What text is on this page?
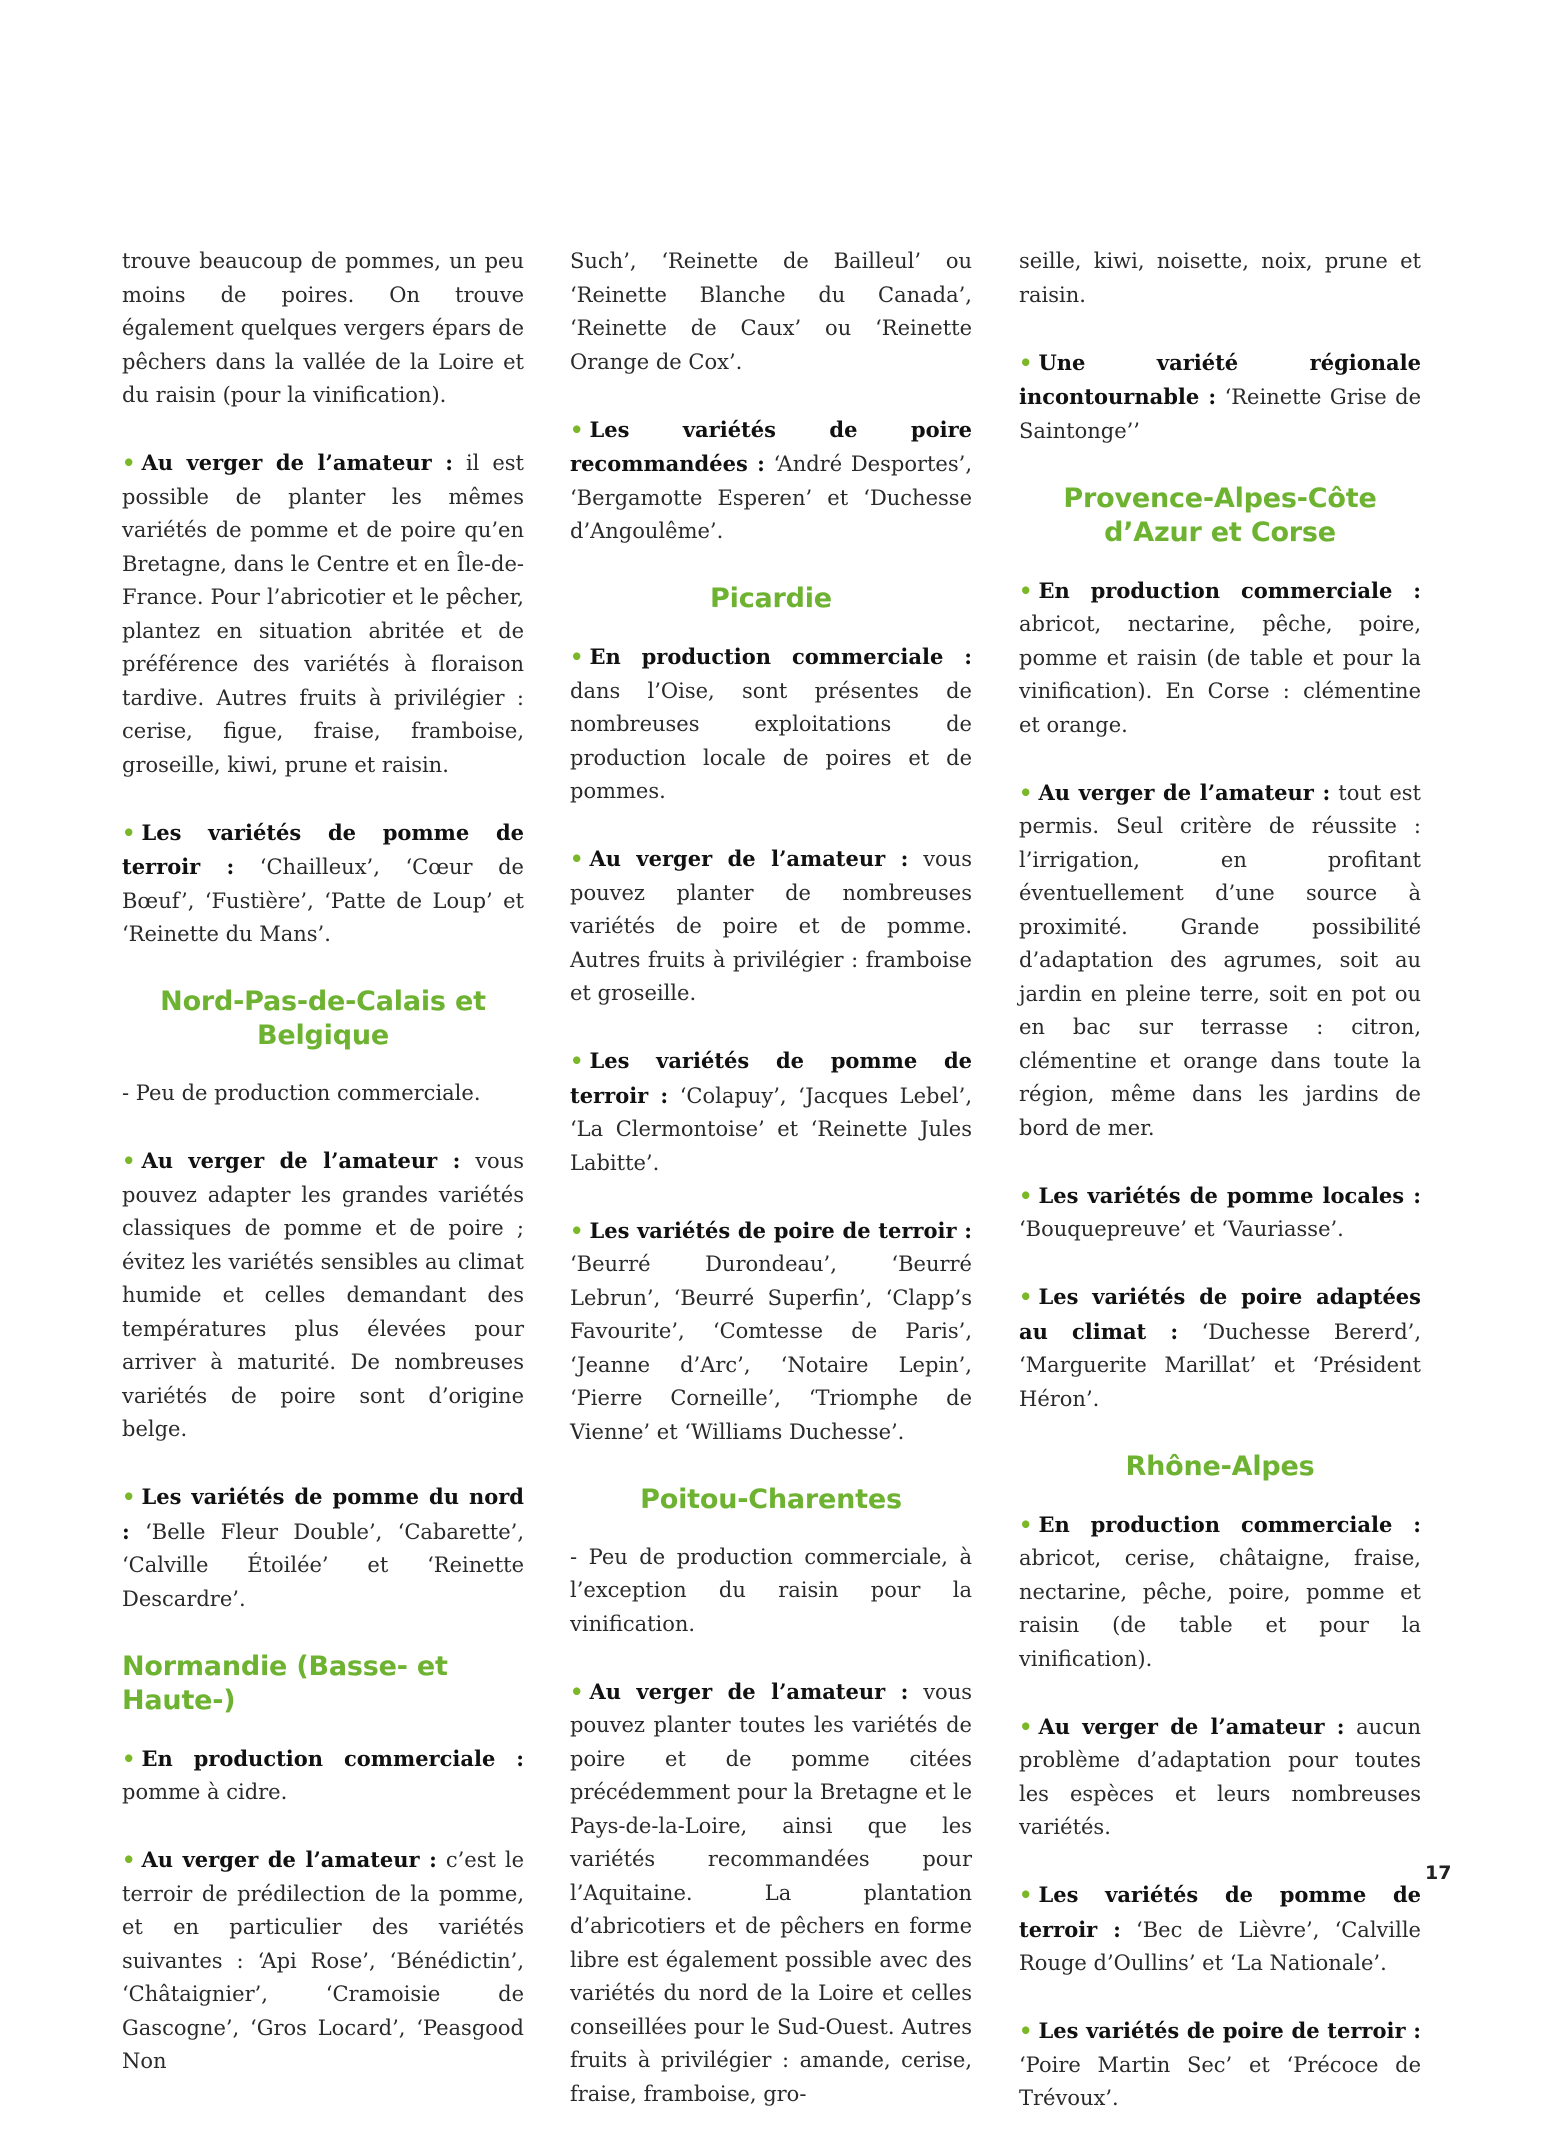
trouve beaucoup de pommes, un peu moins de poires. On trouve également quelques vergers épars de pêchers dans la vallée de la Loire et du raisin (pour la vinification).

• Au verger de l’amateur : il est possible de planter les mêmes variétés de pomme et de poire qu’en Bretagne, dans le Centre et en Île-de-France. Pour l’abricotier et le pêcher, plantez en situation abritée et de préférence des variétés à floraison tardive. Autres fruits à privilégier : cerise, figue, fraise, framboise, groseille, kiwi, prune et raisin.

• Les variétés de pomme de terroir : ‘Chailleux’, ‘Cœur de Bœuf’, ‘Fustière’, ‘Patte de Loup’ et ‘Reinette du Mans’.

Nord-Pas-de-Calais et Belgique

- Peu de production commerciale.

• Au verger de l’amateur : vous pouvez adapter les grandes variétés classiques de pomme et de poire ; évitez les variétés sensibles au climat humide et celles demandant des températures plus élevées pour arriver à maturité. De nombreuses variétés de poire sont d’origine belge.

• Les variétés de pomme du nord : ‘Belle Fleur Double’, ‘Cabarette’, ‘Calville Étoilée’ et ‘Reinette Descardre’.

Normandie (Basse- et Haute-)

• En production commerciale : pomme à cidre.

• Au verger de l’amateur : c’est le terroir de prédilection de la pomme, et en particulier des variétés suivantes : ‘Api Rose’, ‘Bénédictin’, ‘Châtaignier’, ‘Cramoisie de Gascogne’, ‘Gros Locard’, ‘Peasgood Non

Such’, ‘Reinette de Bailleul’ ou ‘Reinette Blanche du Canada’, ‘Reinette de Caux’ ou ‘Reinette Orange de Cox’.

• Les variétés de poire recommandées : ‘André Desportes’, ‘Bergamotte Esperen’ et ‘Duchesse d’Angoulême’.

Picardie

• En production commerciale : dans l’Oise, sont présentes de nombreuses exploitations de production locale de poires et de pommes.

• Au verger de l’amateur : vous pouvez planter de nombreuses variétés de poire et de pomme. Autres fruits à privilégier : framboise et groseille.

• Les variétés de pomme de terroir : ‘Colapuy’, ‘Jacques Lebel’, ‘La Clermontoise’ et ‘Reinette Jules Labitte’.

• Les variétés de poire de terroir : ‘Beurré Durondeau’, ‘Beurré Lebrun’, ‘Beurré Superfin’, ‘Clapp’s Favourite’, ‘Comtesse de Paris’, ‘Jeanne d’Arc’, ‘Notaire Lepin’, ‘Pierre Corneille’, ‘Triomphe de Vienne’ et ‘Williams Duchesse’.

Poitou-Charentes

- Peu de production commerciale, à l’exception du raisin pour la vinification.

• Au verger de l’amateur : vous pouvez planter toutes les variétés de poire et de pomme citées précédemment pour la Bretagne et le Pays-de-la-Loire, ainsi que les variétés recommandées pour l’Aquitaine. La plantation d’abricotiers et de pêchers en forme libre est également possible avec des variétés du nord de la Loire et celles conseillées pour le Sud-Ouest. Autres fruits à privilégier : amande, cerise, fraise, framboise, gro-

seille, kiwi, noisette, noix, prune et raisin.

• Une variété régionale incontournable : ‘Reinette Grise de Saintonge’’

Provence-Alpes-Côte d’Azur et Corse

• En production commerciale : abricot, nectarine, pêche, poire, pomme et raisin (de table et pour la vinification). En Corse : clémentine et orange.

• Au verger de l’amateur : tout est permis. Seul critère de réussite : l’irrigation, en profitant éventuellement d’une source à proximité. Grande possibilité d’adaptation des agrumes, soit au jardin en pleine terre, soit en pot ou en bac sur terrasse : citron, clémentine et orange dans toute la région, même dans les jardins de bord de mer.

• Les variétés de pomme locales : ‘Bouquepreuve’ et ‘Vauriasse’.

• Les variétés de poire adaptées au climat : ‘Duchesse Bererd’, ‘Marguerite Marillat’ et ‘Président Héron’.

Rhône-Alpes

• En production commerciale : abricot, cerise, châtaigne, fraise, nectarine, pêche, poire, pomme et raisin (de table et pour la vinification).

• Au verger de l’amateur : aucun problème d’adaptation pour toutes les espèces et leurs nombreuses variétés.

• Les variétés de pomme de terroir : ‘Bec de Lièvre’, ‘Calville Rouge d’Oullins’ et ‘La Nationale’.

• Les variétés de poire de terroir : ‘Poire Martin Sec’ et ‘Précoce de Trévoux’.

17
